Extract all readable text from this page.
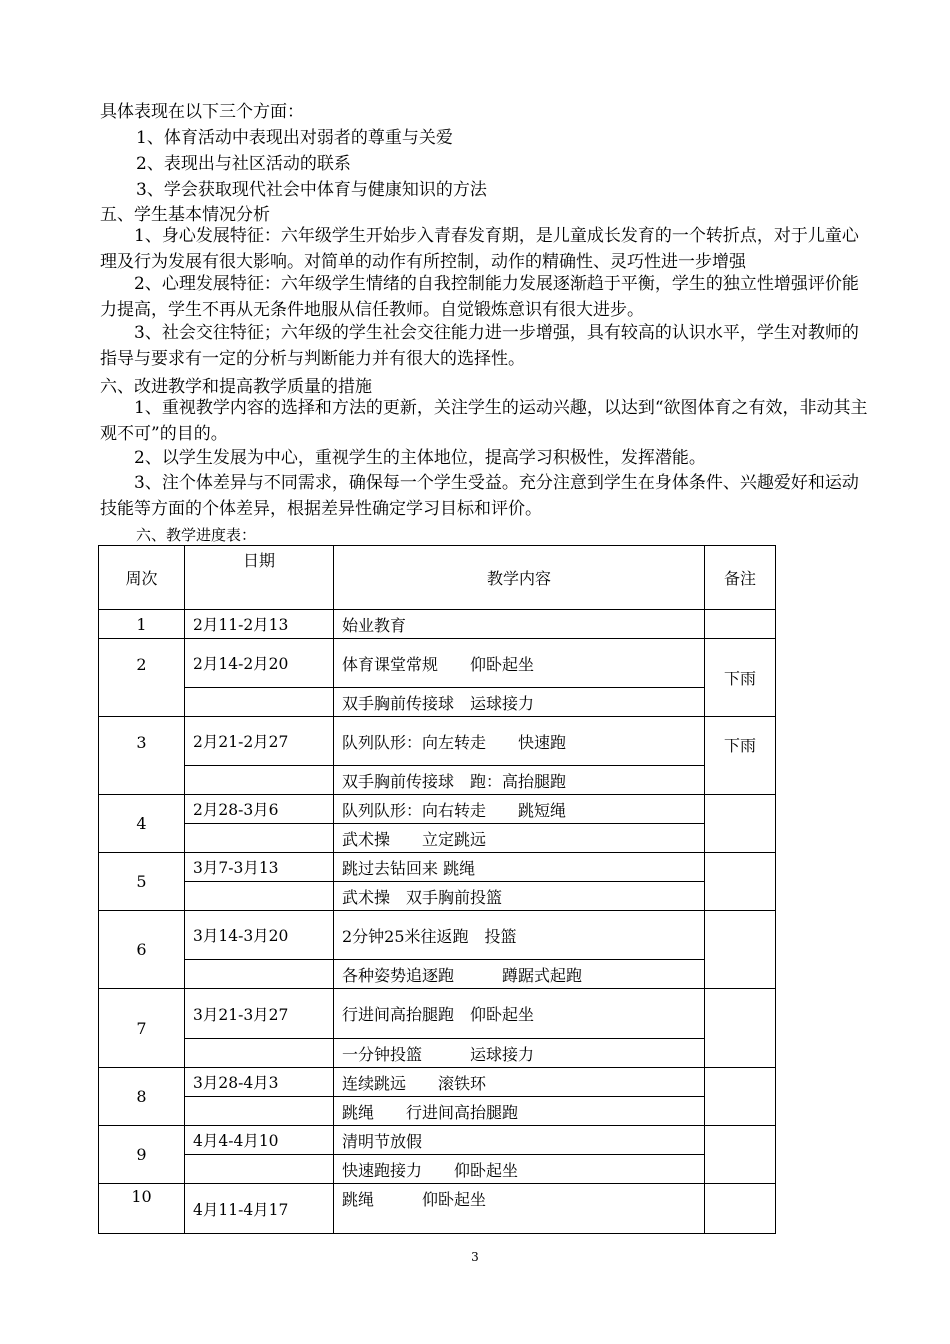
具体表现在以下三个方面：
1、体育活动中表现出对弱者的尊重与关爱
2、表现出与社区活动的联系
3、学会获取现代社会中体育与健康知识的方法
五、学生基本情况分析
1、身心发展特征：六年级学生开始步入青春发育期，是儿童成长发育的一个转折点，对于儿童心理及行为发展有很大影响。对简单的动作有所控制，动作的精确性、灵巧性进一步增强
2、心理发展特征：六年级学生情绪的自我控制能力发展逐渐趋于平衡，学生的独立性增强评价能力提高，学生不再从无条件地服从信任教师。自觉锻炼意识有很大进步。
3、社会交往特征；六年级的学生社会交往能力进一步增强，具有较高的认识水平，学生对教师的指导与要求有一定的分析与判断能力并有很大的选择性。
六、改进教学和提高教学质量的措施
1、重视教学内容的选择和方法的更新，关注学生的运动兴趣，以达到“欲图体育之有效，非动其主观不可”的目的。
2、以学生发展为中心，重视学生的主体地位，提高学习积极性，发挥潜能。
3、注个体差异与不同需求，确保每一个学生受益。充分注意到学生在身体条件、兴趣爱好和运动技能等方面的个体差异，根据差异性确定学习目标和评价。
六、教学进度表：
周次	日期	教学内容	备注
1	2月11-2月13	始业教育	
2	2月14-2月20	体育课堂常规　　仰卧起坐	下雨
		双手胸前传接球　运球接力	
3	2月21-2月27	队列队形：向左转走　　快速跑	下雨
		双手胸前传接球　跑：高抬腿跑	
4	2月28-3月6	队列队形：向右转走　　跳短绳	
		武术操　　立定跳远	
5	3月7-3月13	跳过去钻回来 跳绳	
		武术操　双手胸前投篮	
6	3月14-3月20	2分钟25米往返跑　投篮	
		各种姿势追逐跑　　　蹲踞式起跑	
7	3月21-3月27	行进间高抬腿跑　仰卧起坐	
		一分钟投篮　　　运球接力	
8	3月28-4月3	连续跳远　　滚铁环	
		跳绳　　行进间高抬腿跑	
9	4月4-4月10	清明节放假	
		快速跑接力　　仰卧起坐	
10	4月11-4月17	跳绳　　　仰卧起坐	
3
